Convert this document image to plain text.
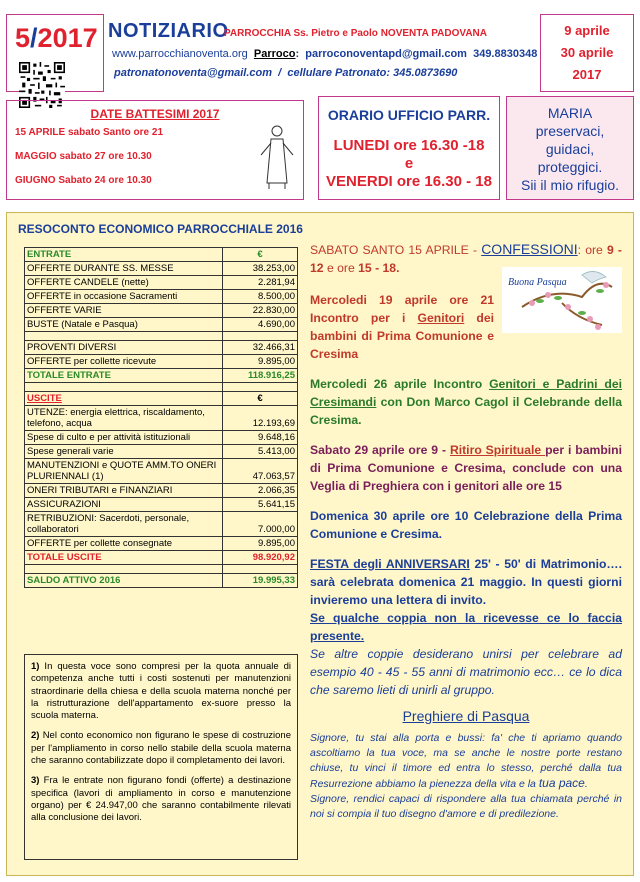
5/2017 NOTIZIARIO
PARROCCHIA Ss. Pietro e Paolo NOVENTA PADOVANA
www.parrocchianoventa.org Parroco: parroconoventapd@gmail.com 349.8830348
patronatonoventa@gmail.com / cellulare Patronato: 345.0873690
9 aprile
30 aprile
2017
DATE BATTESIMI 2017
15 APRILE sabato Santo ore 21
MAGGIO sabato 27 ore 10.30
GIUGNO Sabato 24 ore 10.30
ORARIO UFFICIO PARR.
LUNEDI ore 16.30 -18
e
VENERDI ore 16.30 - 18
MARIA
preservaci,
guidaci,
proteggici.
Sii il mio rifugio.
RESOCONTO ECONOMICO PARROCCHIALE 2016
ENTRATE	€
OFFERTE DURANTE SS. MESSE	38.253,00
OFFERTE CANDELE (nette)	2.281,94
OFFERTE in occasione Sacramenti	8.500,00
OFFERTE VARIE	22.830,00
BUSTE (Natale e Pasqua)	4.690,00

PROVENTI DIVERSI	32.466,31
OFFERTE per collette ricevute	9.895,00
TOTALE ENTRATE	118.916,25

USCITE	€
UTENZE: energia elettrica, riscaldamento, telefono, acqua	12.193,69
Spese di culto e per attività istituzionali	9.648,16
Spese generali varie	5.413,00
MANUTENZIONI e QUOTE AMM.TO ONERI PLURIENNALI (1)	47.063,57
ONERI TRIBUTARI e FINANZIARI	2.066,35
ASSICURAZIONI	5.641,15
RETRIBUZIONI: Sacerdoti, personale, collaboratori	7.000,00
OFFERTE per collette consegnate	9.895,00
TOTALE USCITE	98.920,92

SALDO ATTIVO 2016	19.995,33

1) In questa voce sono compresi per la quota annuale di competenza anche tutti i costi sostenuti per manutenzioni straordinarie della chiesa e della scuola materna nonché per la ristrutturazione dell'appartamento ex-suore presso la scuola materna.

2) Nel conto economico non figurano le spese di costruzione per l'ampliamento in corso nello stabile della scuola materna che saranno contabilizzate dopo il completamento dei lavori.

3) Fra le entrate non figurano fondi (offerte) a destinazione specifica (lavori di ampliamento in corso e manutenzione organo) per € 24.947,00 che saranno contabilmente rilevati alla conclusione dei lavori.

Buona Pasqua

SABATO SANTO 15 APRILE - CONFESSIONI: ore 9 - 12 e ore 15 - 18.

Mercoledi 19 aprile ore 21 Incontro per i Genitori dei bambini di Prima Comunione e Cresima

Mercoledi 26 aprile Incontro Genitori e Padrini dei Cresimandi con Don Marco Cagol il Celebrande della Cresima.

Sabato 29 aprile ore 9 - Ritiro Spirituale per i bambini di Prima Comunione e Cresima, conclude con una Veglia di Preghiera con i genitori alle ore 15

Domenica 30 aprile ore 10 Celebrazione della Prima Comunione e Cresima.

FESTA degli ANNIVERSARI 25' - 50' di Matrimonio…. sarà celebrata domenica 21 maggio. In questi giorni invieremo una lettera di invito.

Se qualche coppia non la ricevesse ce lo faccia presente.

Se altre coppie desiderano unirsi per celebrare ad esempio 40 - 45 - 55 anni di matrimonio ecc… ce lo dica che saremo lieti di unirli al gruppo.

Preghiere di Pasqua

Signore, tu stai alla porta e bussi: fa' che ti apriamo quando ascoltiamo la tua voce, ma se anche le nostre porte restano chiuse, tu vinci il timore ed entra lo stesso, perché dalla tua Resurrezione abbiamo la pienezza della vita e la tua pace.

Signore, rendici capaci di rispondere alla tua chiamata perché in noi si compia il tuo disegno d'amore e di predilezione.
